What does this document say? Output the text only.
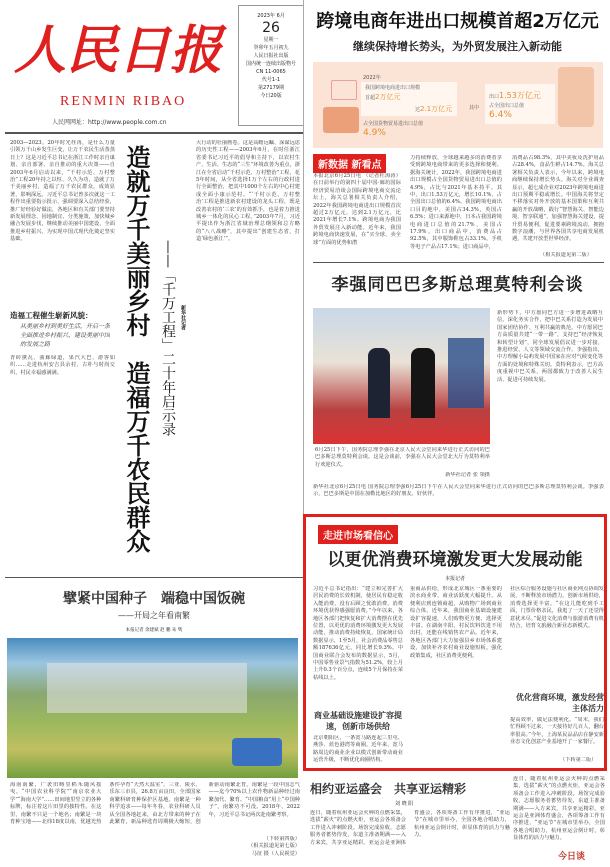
人民日报
RENMIN RIBAO
人民网网址：http://www.people.com.cn
2023年 6月
26
星期一
癸卯年五月初九
人民日报社出版
国内统一连续出版物号
CN 11-0065
代号1-1
第27179期
今日20版
跨境电商年进出口规模首超2万亿元
继续保持增长势头，为外贸发展注入新动能
2022年
我国跨境电商进出口规模
首超2万亿元
达2.1万亿元
占全国货物贸易进出口总值
4.9%
其中
出口1.53万亿元
占全国出口总值
6.4%
新数据 新看点
本报北京6月25日电 （记者杜海涛）在日前举行的第四十届中国·廊坊国际经济贸易洽谈会国际跨境电商交流论坛上，海关总署相关负责人介绍，2022年我国跨境电商进出口规模首次超过2万亿元，达到2.1万亿元，比2021年增长7.1%。跨境电商为我国外贸发展注入新动能。近年来，我国跨境电商快速发展，在“买全球、卖全球”方面的优势和潜
力持续释放，全球越来越多的消费者享受到跨境电商带来的更多选择和便利。据海关统计，2022年，我国跨境电商进出口规模占全国货物贸易进出口总值的4.9%，占比与2021年基本持平。其中，出口1.53万亿元，增长10.1%，占全国出口总值的6.4%。我国跨境电商出口目的地中，美国占34.3%，英国占6.5%；进口来源地中，日本占我国跨境电商进口总值的21.7%，美国占17.9%。出口商品中，消费品占92.5%，其中服饰鞋包占33.1%，手机等电子产品占17.1%；进口商品中，
消费品占98.3%，其中美妆及洗护用品占28.4%，食品生鲜占14.7%。海关总署相关负责人表示，今年以来，跨境电商继续保持增长势头。海关对全业调查显示，超七成企业对2023年跨境电商进出口预期平稳或增长。中国海关将坚定不移落实对外开放的基本国策和互利共赢的开放战略，践行“智慧海关、智能边境、智享联通”，加强智慧海关建设，提升贸易便利，促进要素跨境流动，拥抱数字浪潮，与世界各国共享电商发展机遇，共建开放型世界经济。
（相关报道见第二版）
李强同巴巴多斯总理莫特利会谈
6月25日下午，国务院总理李强在北京人民大会堂同来华进行正式访问的巴巴多斯总理莫特利会谈。这是会谈前，李强在人民大会堂北大厅为莫特利举行欢迎仪式。
新华社记者 张 领摄
新形势下，中方愿同巴方进一步增进战略互信，深化务实合作，把中巴关系打造为发展中国家团结协作、互利共赢的典范。中方愿同巴方高质量共建“一带一路”，支持巴“经济恢复和转型计划”，同全球发展倡议进一步对接，推进经贸、人文等领域交流合作。李强指出，中方理解小岛屿发展中国家在应对气候变化等方面的处境和特殊关切。莫特利表示，巴方高度重视中巴关系，两国都致力于改善人民生活、促进可持续发展。
新华社北京6月25日电 国务院总理李强6月25日下午在人民大会堂同来华进行正式访问的巴巴多斯总理莫特利会谈。李强表示，巴巴多斯是中国在加勒比地区的好朋友、好伙伴。
走进市场看信心
以更优消费环境激发更大发展动能
本报记者
习近平总书记指出：“建立和完善扩大居民消费的长效机制，使居民有稳定收入能消费、没有后顾之忧敢消费、消费环境优获得感强愿消费。”今年以来，各地区各部门把恢复和扩大消费摆在优先位置，以更优的消费环境激发更大发展动能，推动消费持续恢复。国家统计局数据显示，1至5月，社会消费品零售总额187636亿元，同比增长9.3%。中国商业联合会发布的数据显示，5月，中国零售业景气指数为51.2%，较上月上升0.3个百分点，连续5个月保持在荣枯线以上。
商业基础设施建设扩容提速，创新市场供给
北京朝阳区，一条宽马路连起三里屯、燕莎、蓝色港湾等商圈。近年来，宽马路周边的商业企业以模式创新带动商业运营升级，不断优化商圈结构。
重商品供给，形成北京城区一条重要的滨水商业带，商业活跃度大幅提升。从便利店到连锁商超，从购物广场到商业综合体，近年来，我国商业基础设施建设扩容提速，人们购物更方便、选择更丰富。在湖南丰阳，村民饮料饮进不用出村，还能在线销售农产品。近年来，各地区各部门大力加强县乡市场体系建设，加快补齐农村商业设施短板。强化政策集成，社区消费更便利。
社区综合服务设施与社区商业网点协调发展，不断释放市场潜力。创新市场供给，消费选择更丰富。“在这儿能吃到手工面，门票价格亲民，我逛了一天了还觉得意犹未尽。”促进文化消费与旅游消费有机结合，培育文旅融合新业态新模式。
优化营商环境，激发经营主体活力
提高效率，做足法便利化。“周末，我们忙得顾不过来，一天接待好几百人，翻台率很高。”今年，上海某民品品店在静安新业态文化创意产业基地开了一家餐厅。
（下转第二版）
相约亚运盛会　共享亚运精彩
刘 晓 阳
连日，随着杭州亚运会火种的点燃采集，选拔“薪火”的点燃火炬，亚运会各项备会工作进入冲刺阶段。场馆完成验收，志愿服务者蓄势待发，东道主准备期满——入方来宾，共享亚运精彩。亚运会是亚洲体育盛会，各项筹备工作有序推进，“亚运节”在城市里举办，全国各地合唱助力，杭州亚运会倒计时，彰显体育的活力与魅力。
连日，随着杭州亚运会火种的点燃采集，选拔“薪火”的点燃火炬，亚运会各项备会工作进入冲刺阶段。场馆完成验收，志愿服务者蓄势待发，东道主准备期满——入方来宾，共享亚运精彩。亚运会是亚洲体育盛会，各项筹备工作有序推进，“亚运节”在城市里举办，全国各地合唱助力，杭州亚运会倒计时，彰显体育的活力与魅力。
今日谈
2003—2023。20年时光荏苒，是什么力量引领万千山乡发生巨变，让万千农民生活蒸蒸日上？这是习近平总书记在浙江工作时亲自谋划、亲自部署、亲自推动的重大决策——自2003年6月启动以来，“千村示范、万村整治”工程20年持之以恒、久久为功，造就了万千美丽乡村，造福了万千农民群众，成效显著，影响深远。习近平总书记曾多次就这一工程作出重要指示批示，强调要深入总结经验，推广好经验好做法，各地区和有关部门要坚持新发展理念，因地制宜、分类施策，加快城乡融合发展步伐，继续推动美丽中国建设，全面推进乡村振兴，为实现中国式现代化奠定坚实基础。
造福工程催生崭新风貌：
从美丽乡村到美好生活，开启一条全面推进乡村振兴、建设美丽中国的发展之路
青砖黛瓦、曲廊绿道，果汽大巴、游客如织……走进杭州安吉县余村，古朴与时尚交织，村民幸福感满满。
造就万千美丽乡村　造福万千农民群众
——「千万工程」二十年启示录 新华社记者
大行动的壮丽画卷。这是高瞻远瞩、深谋远虑的历史性工程——2003年6月，在时任浙江省委书记习近平的倡导和主持下，以农村生产、生活、生态的“三生”环境改善为重点，浙江在全省启动“千村示范、万村整治”工程，花5年时间，从全省选择1万个左右的行政村进行全面整治，把其中1000个左右的中心村建成全面小康示范村。“‘千村示范、万村整治’工程是推进新农村建设的龙头工程，既是改善农村的‘三农’的有效抓手，也是着力推进城乡一体化的民心工程。”2003年7月，习近平提出作为浙江省域治理总纲领和总方略的“八八战略”，其中提出“创建生态省，打造‘绿色浙江’”。
擘紧中国种子　端稳中国饭碗
——开局之年看南繁
本报记者 余建斌 赵 鹏 朱 隽
海南南繁，广袤田畴里稻禾随风摇曳。“中国农业科学院”“南京农业大学”“海南大学”……田间地里竖立的各种标牌，标注着这片田里的独特性。在这里，南繁不只是一个地名；南繁是一块育种宝地——北纬18度以南，优越光热条件孕育“天然大温室”。三亚、陵水、乐东三市县，26.8万亩良田，全部国家南繁科研育种保护区基地。南繁是一种科学追求——每年冬春，农业科研人员从全国各地赶来，由北方带来的种子在此繁育，新品种选育周期极大缩短，创新驱动南繁北育。南繁是一段中国志气——迄今70%以上农作物新品种经过南繁加代、繁育。“中国粮食”用上“中国种子”，南繁功不可没。2018年、2022年，习近平总书记两次赴南繁考察。
（下转第四版）
（相关报道见第七版）
马征 摄（人民视觉）
